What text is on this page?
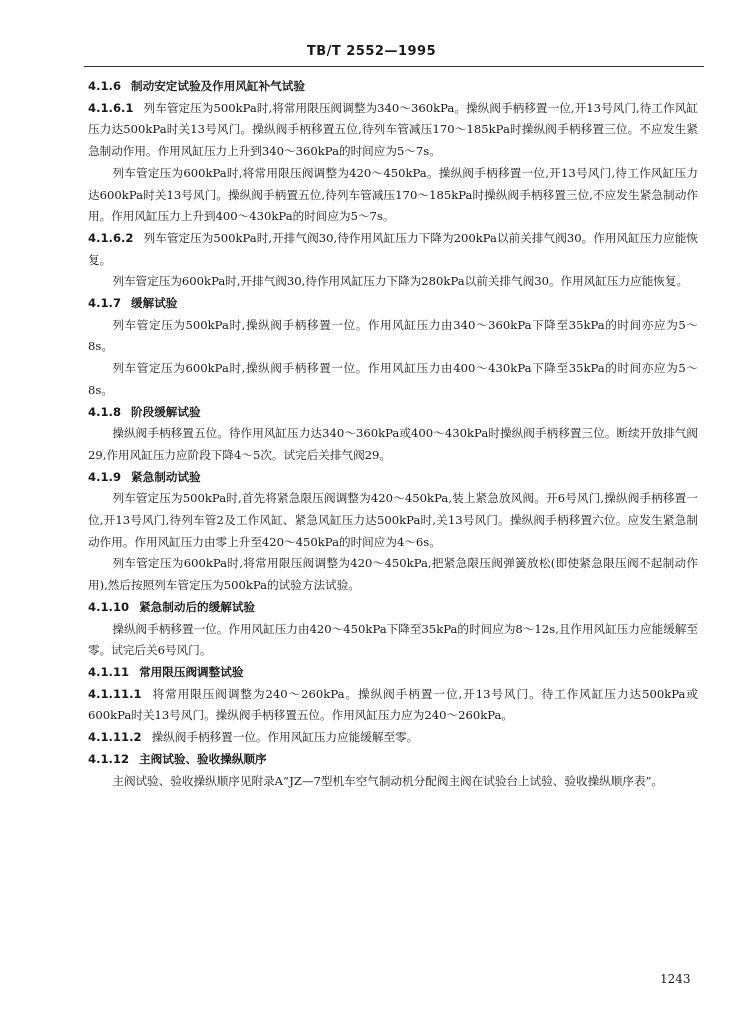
TB/T 2552—1995

4.1.6 制动安定试验及作用风缸补气试验

4.1.6.1 列车管定压为500kPa时,将常用限压阀调整为340～360kPa。操纵阀手柄移置一位,开13号风门,待工作风缸压力达500kPa时关13号风门。操纵阀手柄移置五位,待列车管减压170～185kPa时操纵阀手柄移置三位。不应发生紧急制动作用。作用风缸压力上升到340～360kPa的时间应为5～7s。

列车管定压为600kPa时,将常用限压阀调整为420～450kPa。操纵阀手柄移置一位,开13号风门,待工作风缸压力达600kPa时关13号风门。操纵阀手柄置五位,待列车管减压170～185kPa时操纵阀手柄移置三位,不应发生紧急制动作用。作用风缸压力上升到400～430kPa的时间应为5～7s。

4.1.6.2 列车管定压为500kPa时,开排气阀30,待作用风缸压力下降为200kPa以前关排气阀30。作用风缸压力应能恢复。

列车管定压为600kPa时,开排气阀30,待作用风缸压力下降为280kPa以前关排气阀30。作用风缸压力应能恢复。

4.1.7 缓解试验

列车管定压为500kPa时,操纵阀手柄移置一位。作用风缸压力由340～360kPa下降至35kPa的时间亦应为5～8s。

列车管定压为600kPa时,操纵阀手柄移置一位。作用风缸压力由400～430kPa下降至35kPa的时间亦应为5～8s。

4.1.8 阶段缓解试验

操纵阀手柄移置五位。待作用风缸压力达340～360kPa或400～430kPa时操纵阀手柄移置三位。断续开放排气阀29,作用风缸压力应阶段下降4～5次。试完后关排气阀29。

4.1.9 紧急制动试验

列车管定压为500kPa时,首先将紧急限压阀调整为420～450kPa,装上紧急放风阀。开6号风门,操纵阀手柄移置一位,开13号风门,待列车管2及工作风缸、紧急风缸压力达500kPa时,关13号风门。操纵阀手柄移置六位。应发生紧急制动作用。作用风缸压力由零上升至420～450kPa的时间应为4～6s。

列车管定压为600kPa时,将常用限压阀调整为420～450kPa,把紧急限压阀弹簧放松(即使紧急限压阀不起制动作用),然后按照列车管定压为500kPa的试验方法试验。

4.1.10 紧急制动后的缓解试验

操纵阀手柄移置一位。作用风缸压力由420～450kPa下降至35kPa的时间应为8～12s,且作用风缸压力应能缓解至零。试完后关6号风门。

4.1.11 常用限压阀调整试验

4.1.11.1 将常用限压阀调整为240～260kPa。操纵阀手柄置一位,开13号风门。待工作风缸压力达500kPa或600kPa时关13号风门。操纵阀手柄移置五位。作用风缸压力应为240～260kPa。

4.1.11.2 操纵阀手柄移置一位。作用风缸压力应能缓解至零。

4.1.12 主阀试验、验收操纵顺序

主阀试验、验收操纵顺序见附录A“JZ—7型机车空气制动机分配阀主阀在试验台上试验、验收操纵顺序表”。

1243
